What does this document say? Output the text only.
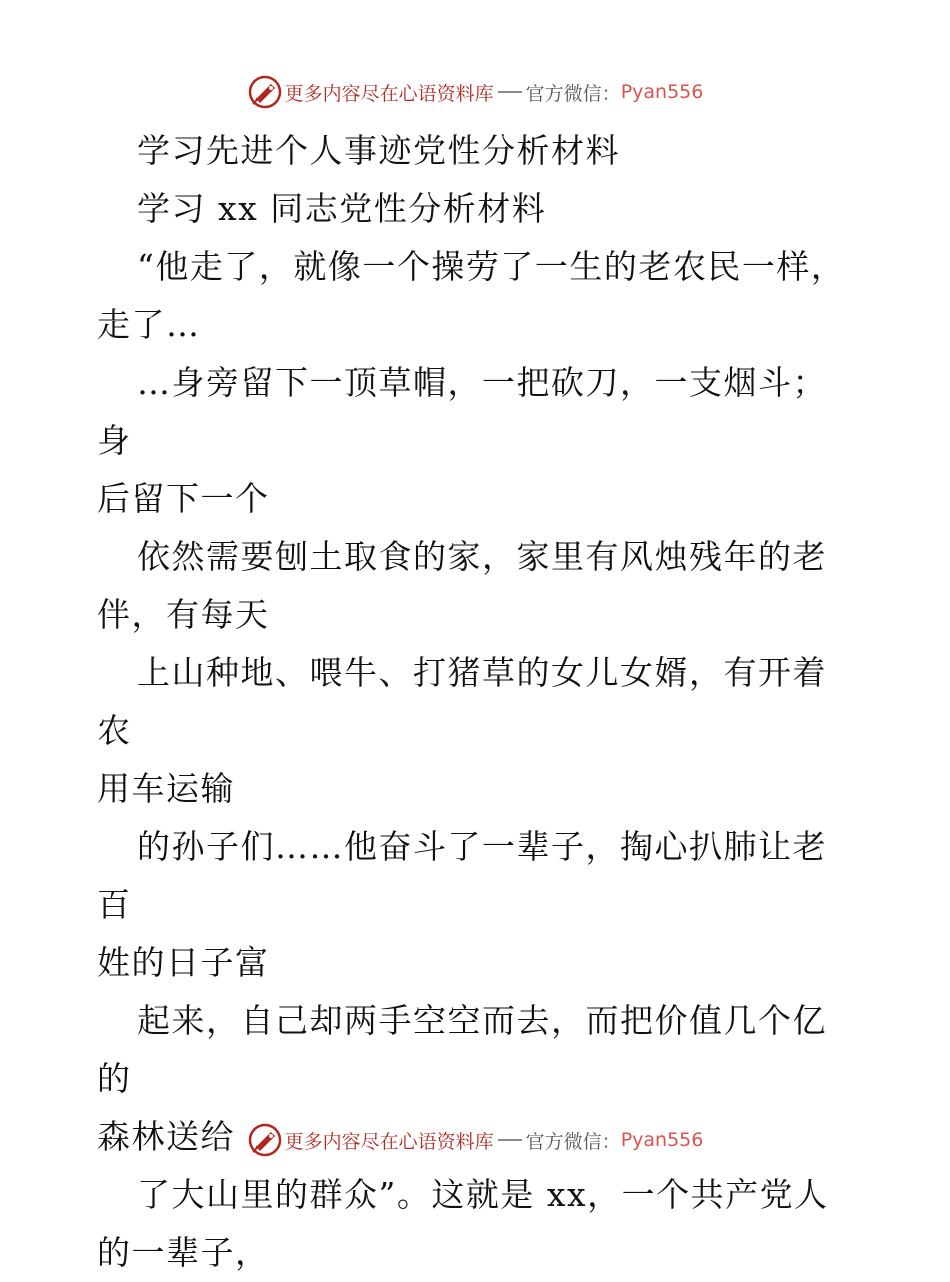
更多内容尽在心语资料库 官方微信： Pyan556

学习先进个人事迹党性分析材料

学习 xx 同志党性分析材料

“他走了，就像一个操劳了一生的老农民一样，
走了…

…身旁留下一顶草帽，一把砍刀，一支烟斗；身
后留下一个

依然需要刨土取食的家，家里有风烛残年的老
伴，有每天

上山种地、喂牛、打猪草的女儿女婿，有开着农
用车运输

的孙子们……他奋斗了一辈子，掏心扒肺让老百
姓的日子富

起来，自己却两手空空而去，而把价值几个亿的
森林送给

了大山里的群众”。这就是 xx，一个共产党人
的一辈子，

更多内容尽在心语资料库 官方微信： Pyan556
